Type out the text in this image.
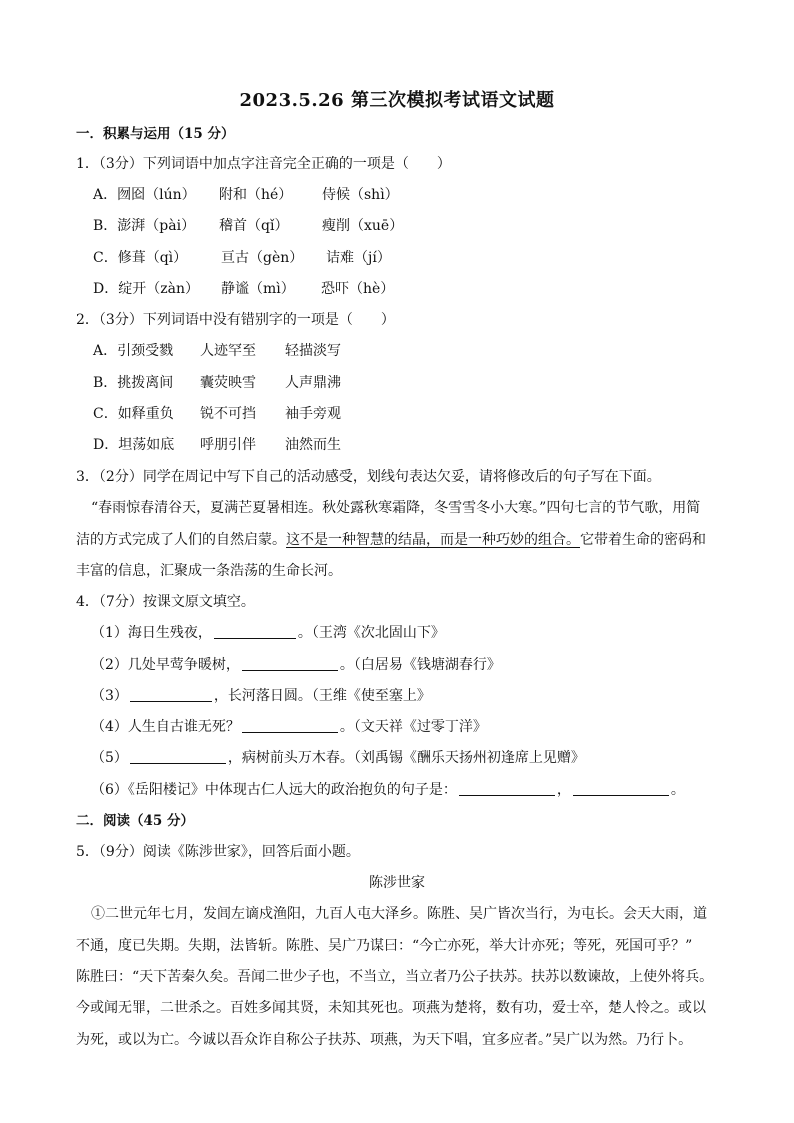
2023.5.26 第三次模拟考试语文试题
一．积累与运用（15 分）
1．（3分）下列词语中加点字注音完全正确的一项是（　　）
A．囫囵（lún） 附和（hé） 侍候（shì）
B．澎湃（pài） 稽首（qǐ） 瘦削（xuē）
C．修葺（qì） 亘古（gèn） 诘难（jí）
D．绽开（zàn） 静谧（mì） 恐吓（hè）
2．（3分）下列词语中没有错别字的一项是（　　）
A．引颈受戮 人迹罕至 轻描淡写
B．挑拨离间 囊荧映雪 人声鼎沸
C．如释重负 锐不可挡 袖手旁观
D．坦荡如底 呼朋引伴 油然而生
3．（2分）同学在周记中写下自己的活动感受，划线句表达欠妥，请将修改后的句子写在下面。
“春雨惊春清谷天，夏满芒夏暑相连。秋处露秋寒霜降，冬雪雪冬小大寒。”四句七言的节气歌，用简
洁的方式完成了人们的自然启蒙。这不是一种智慧的结晶，而是一种巧妙的组合。它带着生命的密码和
丰富的信息，汇聚成一条浩荡的生命长河。
4．（7分）按课文原文填空。
（1）海日生残夜，	。（王湾《次北固山下》
（2）几处早莺争暖树，	。（白居易《钱塘湖春行》
（3）	，长河落日圆。（王维《使至塞上》
（4）人生自古谁无死？	。（文天祥《过零丁洋》
（5）	，病树前头万木春。（刘禹锡《酬乐天扬州初逢席上见赠》
（6）《岳阳楼记》中体现古仁人远大的政治抱负的句子是：	，	。
二．阅读（45 分）
5．（9分）阅读《陈涉世家》，回答后面小题。
陈涉世家
①二世元年七月，发闾左谪戍渔阳，九百人屯大泽乡。陈胜、吴广皆次当行，为屯长。会天大雨，道
不通，度已失期。失期，法皆斩。陈胜、吴广乃谋曰：“今亡亦死，举大计亦死；等死，死国可乎？”
陈胜曰：“天下苦秦久矣。吾闻二世少子也，不当立，当立者乃公子扶苏。扶苏以数谏故，上使外将兵。
今或闻无罪，二世杀之。百姓多闻其贤，未知其死也。项燕为楚将，数有功，爱士卒，楚人怜之。或以
为死，或以为亡。今诚以吾众诈自称公子扶苏、项燕，为天下唱，宜多应者。”吴广以为然。乃行卜。
